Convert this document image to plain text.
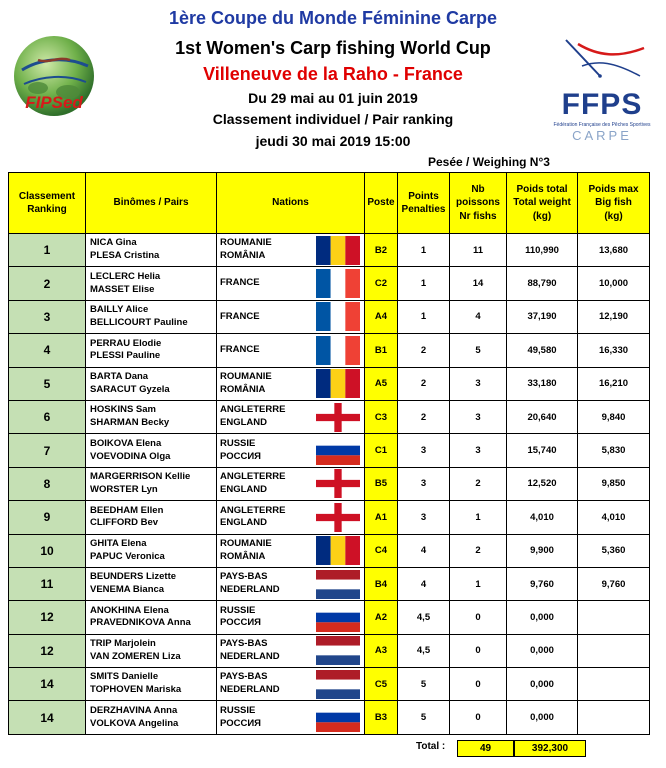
1ère Coupe du Monde Féminine Carpe
1st Women's Carp fishing World Cup
Villeneuve de la Raho - France
Du 29 mai au 01 juin 2019
Classement individuel / Pair ranking
jeudi 30 mai 2019 15:00
FIPSed	FFPS
Fédération Française des Pêches Sportives
CARPE
Pesée / Weighing N°3
Classement
Ranking	Binômes / Pairs	Nations		Poste	Points
Penalties	Nb
poissons
Nr fishs	Poids total
Total weight
(kg)	Poids max
Big fish
(kg)
1	NICA Gina
PLESA Cristina	ROUMANIE
ROMÂNIA		B2	1	11	110,990	13,680
2	LECLERC Helia
MASSET Elise	FRANCE		C2	1	14	88,790	10,000
3	BAILLY Alice
BELLICOURT Pauline	FRANCE		A4	1	4	37,190	12,190
4	PERRAU Elodie
PLESSI Pauline	FRANCE		B1	2	5	49,580	16,330
5	BARTA Dana
SARACUT Gyzela	ROUMANIE
ROMÂNIA		A5	2	3	33,180	16,210
6	HOSKINS Sam
SHARMAN Becky	ANGLETERRE
ENGLAND		C3	2	3	20,640	9,840
7	BOIKOVA Elena
VOEVODINA Olga	RUSSIE
РОССИЯ		C1	3	3	15,740	5,830
8	MARGERRISON Kellie
WORSTER Lyn	ANGLETERRE
ENGLAND		B5	3	2	12,520	9,850
9	BEEDHAM Ellen
CLIFFORD Bev	ANGLETERRE
ENGLAND		A1	3	1	4,010	4,010
10	GHITA Elena
PAPUC Veronica	ROUMANIE
ROMÂNIA		C4	4	2	9,900	5,360
11	BEUNDERS Lizette
VENEMA Bianca	PAYS-BAS
NEDERLAND		B4	4	1	9,760	9,760
12	ANOKHINA Elena
PRAVEDNIKOVA Anna	RUSSIE
РОССИЯ		A2	4,5	0	0,000	
12	TRIP Marjolein
VAN ZOMEREN Liza	PAYS-BAS
NEDERLAND		A3	4,5	0	0,000	
14	SMITS Danielle
TOPHOVEN Mariska	PAYS-BAS
NEDERLAND		C5	5	0	0,000	
14	DERZHAVINA Anna
VOLKOVA Angelina	RUSSIE
РОССИЯ		B3	5	0	0,000	
Total :	49	392,300
